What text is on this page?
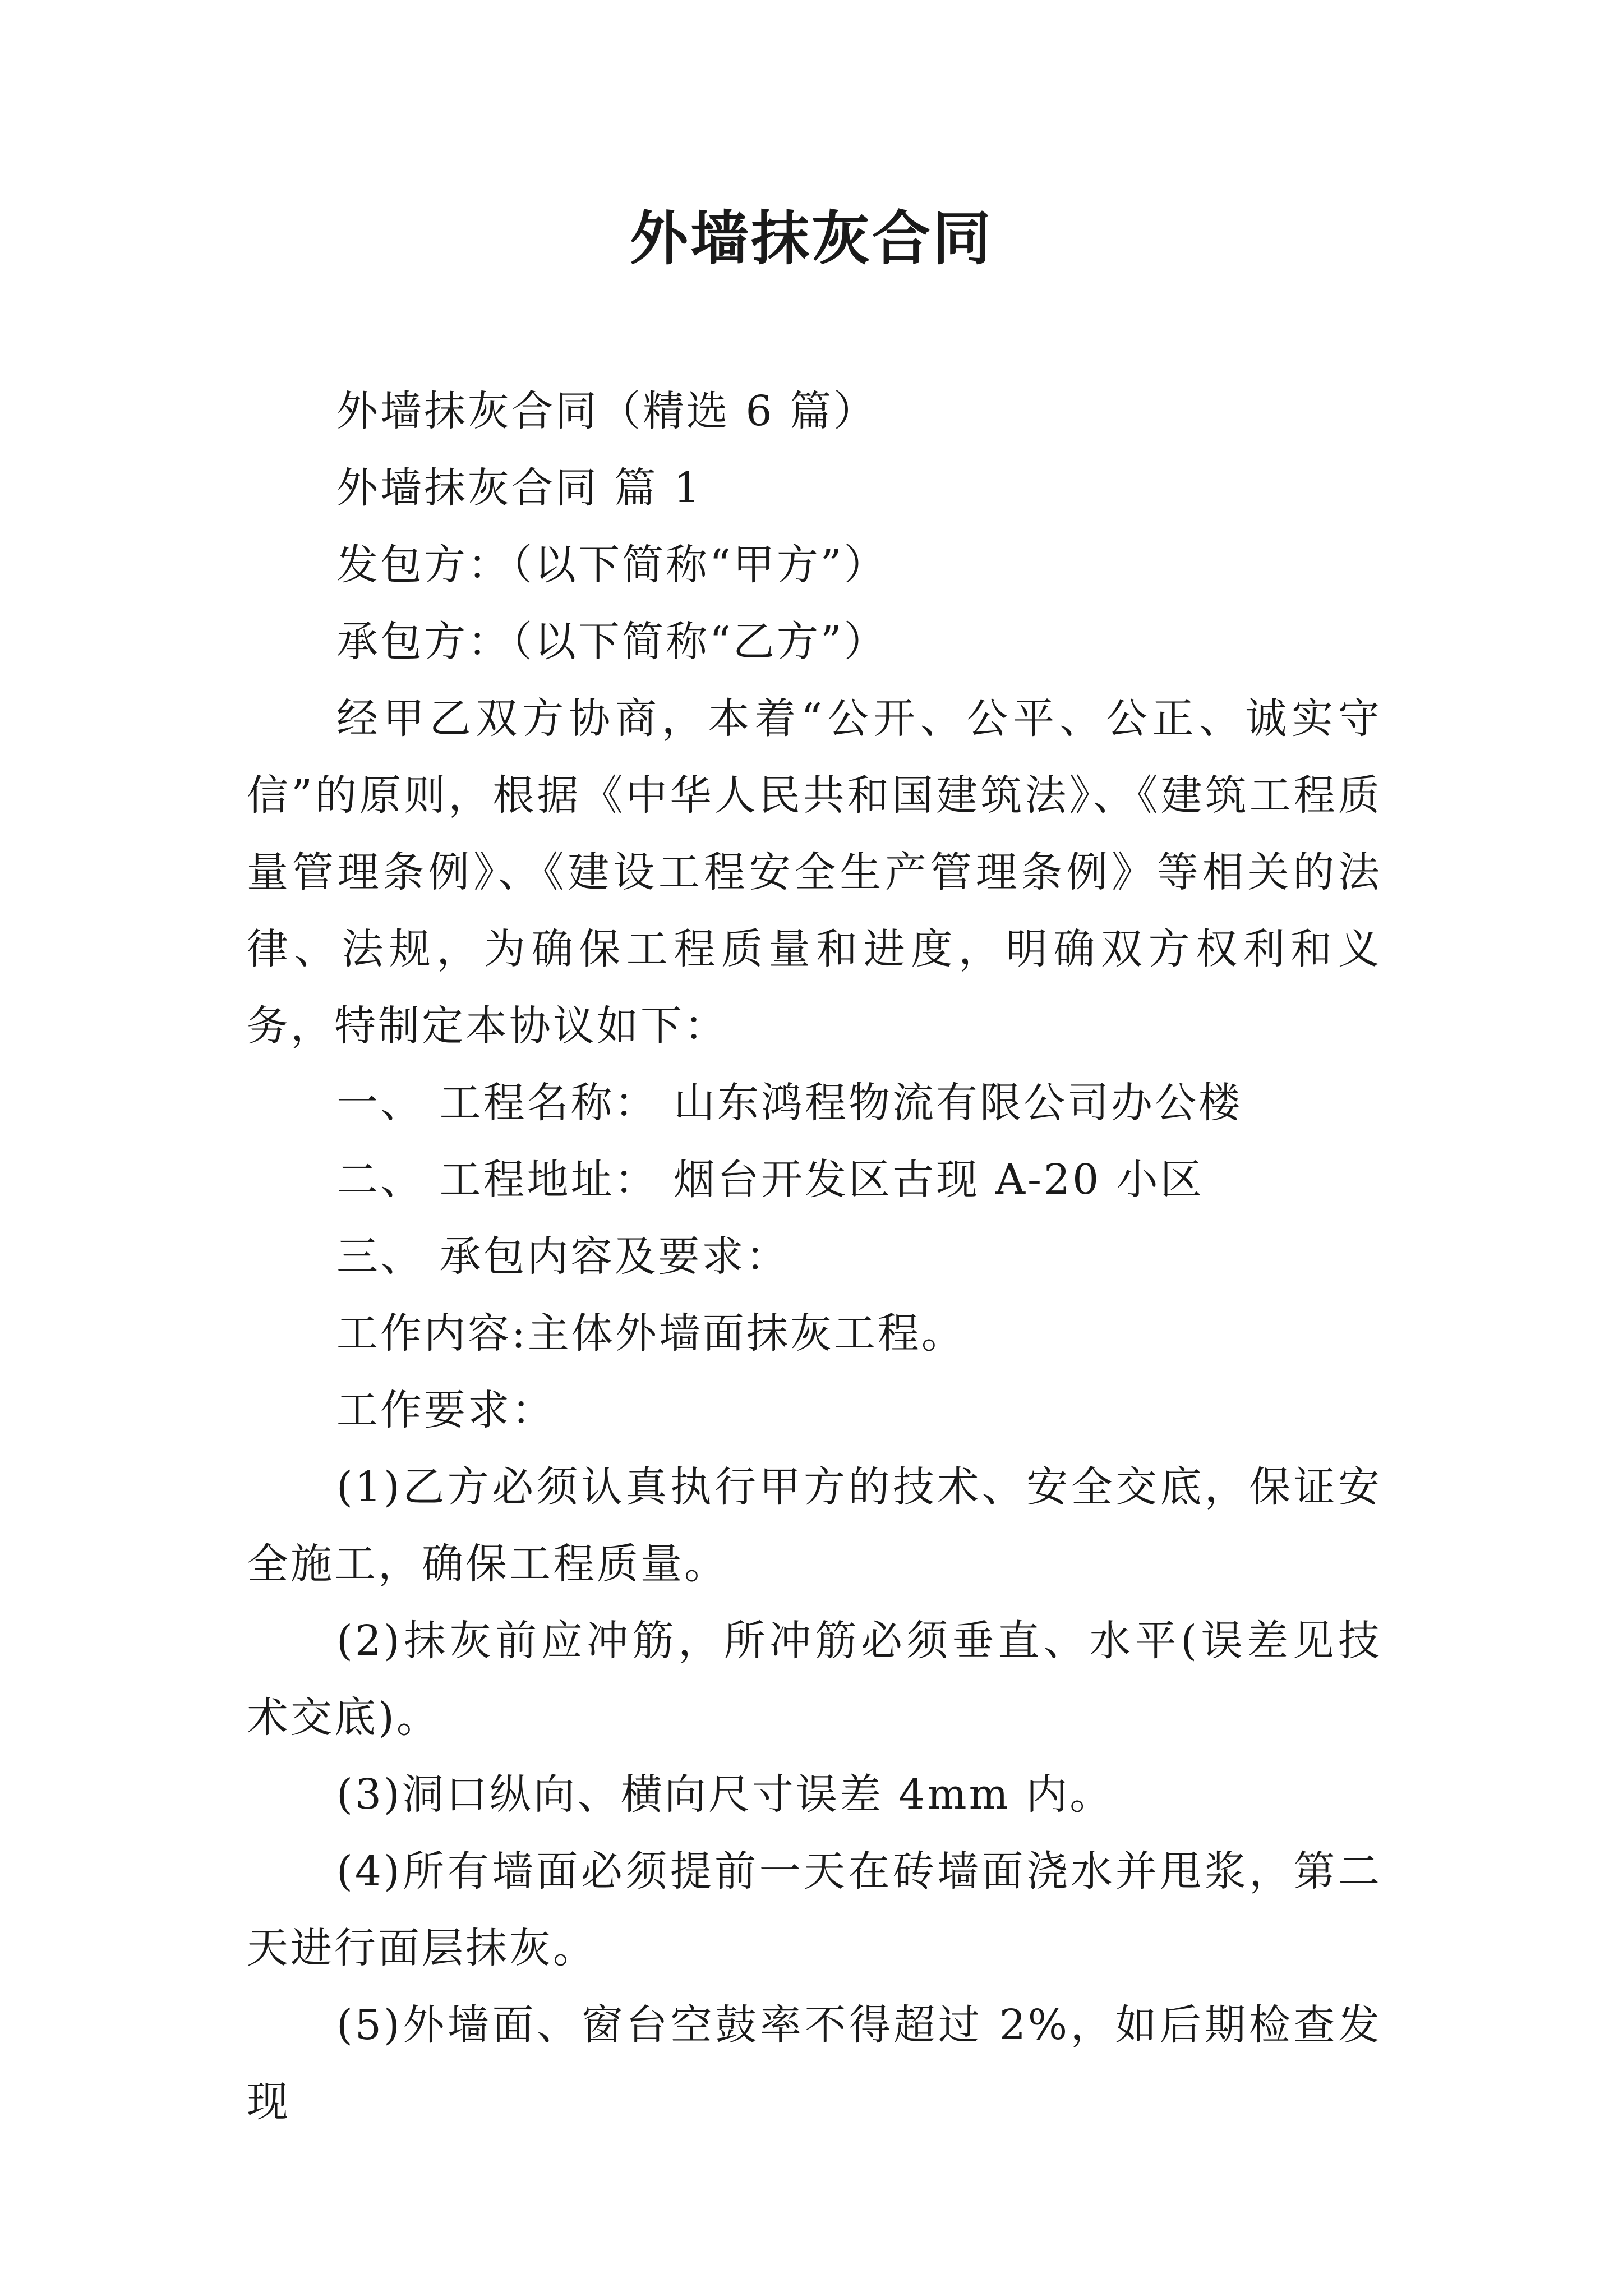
外墙抹灰合同

外墙抹灰合同（精选 6 篇）

外墙抹灰合同 篇 1

发包方：（以下简称“甲方”）

承包方：（以下简称“乙方”）

经甲乙双方协商，本着“公开、公平、公正、诚实守信”的原则，根据《中华人民共和国建筑法》、《建筑工程质量管理条例》、《建设工程安全生产管理条例》等相关的法律、法规，为确保工程质量和进度，明确双方权利和义务，特制定本协议如下：

一、 工程名称： 山东鸿程物流有限公司办公楼

二、 工程地址： 烟台开发区古现 A-20 小区

三、 承包内容及要求：

工作内容:主体外墙面抹灰工程。

工作要求：

(1)乙方必须认真执行甲方的技术、安全交底，保证安全施工，确保工程质量。

(2)抹灰前应冲筋，所冲筋必须垂直、水平(误差见技术交底)。

(3)洞口纵向、横向尺寸误差 4mm 内。

(4)所有墙面必须提前一天在砖墙面浇水并甩浆，第二天进行面层抹灰。

(5)外墙面、窗台空鼓率不得超过 2%，如后期检查发现
